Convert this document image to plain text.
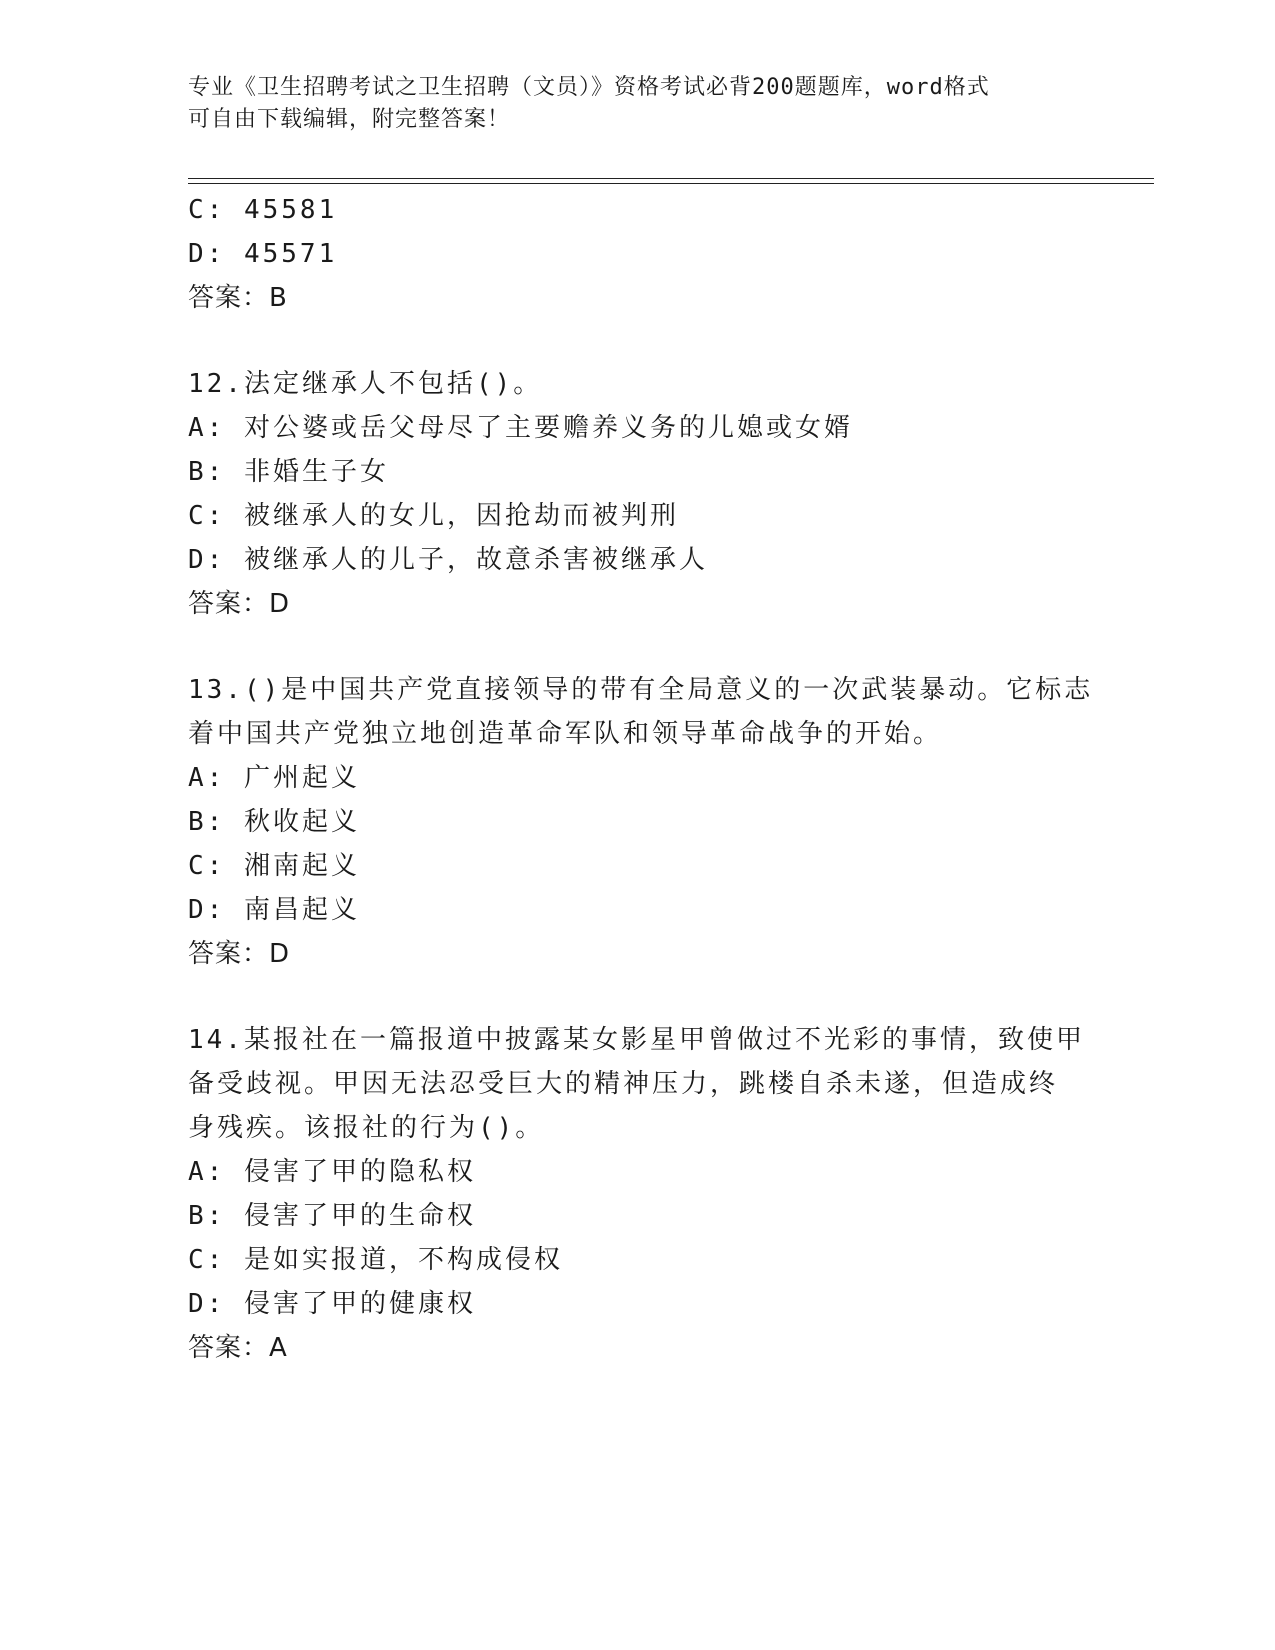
专业《卫生招聘考试之卫生招聘（文员）》资格考试必背200题题库，word格式
可自由下载编辑，附完整答案！
C: 45581
D: 45571
答案：B
12.法定继承人不包括()。
A: 对公婆或岳父母尽了主要赡养义务的儿媳或女婿
B: 非婚生子女
C: 被继承人的女儿，因抢劫而被判刑
D: 被继承人的儿子，故意杀害被继承人
答案：D
13.()是中国共产党直接领导的带有全局意义的一次武装暴动。它标志
着中国共产党独立地创造革命军队和领导革命战争的开始。
A: 广州起义
B: 秋收起义
C: 湘南起义
D: 南昌起义
答案：D
14.某报社在一篇报道中披露某女影星甲曾做过不光彩的事情，致使甲
备受歧视。甲因无法忍受巨大的精神压力，跳楼自杀未遂，但造成终
身残疾。该报社的行为()。
A: 侵害了甲的隐私权
B: 侵害了甲的生命权
C: 是如实报道，不构成侵权
D: 侵害了甲的健康权
答案：A
